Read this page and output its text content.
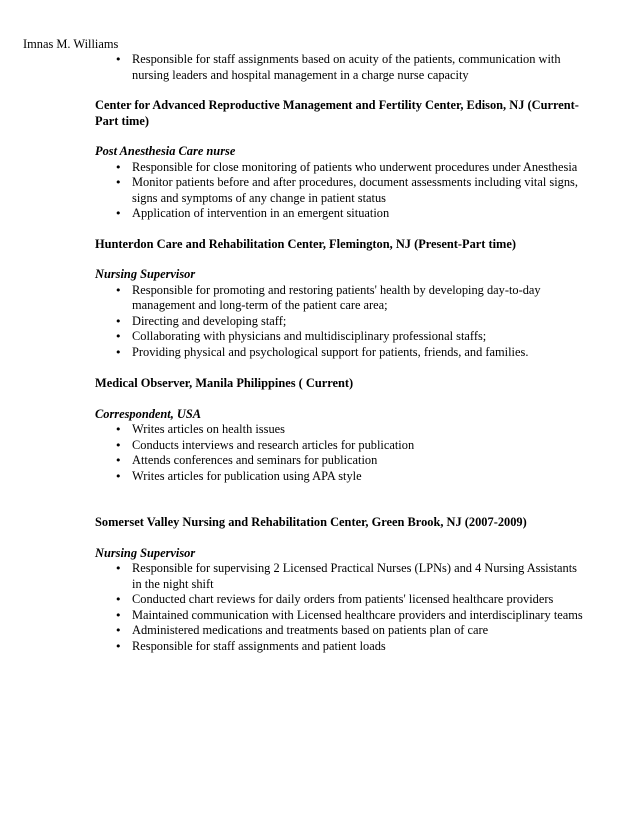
Imnas M. Williams
• Responsible for staff assignments based on acuity of the patients, communication with nursing leaders and hospital management in a charge nurse capacity
Center for Advanced Reproductive Management and Fertility Center, Edison, NJ (Current-Part time)
Post Anesthesia Care nurse
• Responsible for close monitoring of patients who underwent procedures under Anesthesia
• Monitor patients before and after procedures, document assessments including vital signs, signs and symptoms of any change in patient status
• Application of intervention in an emergent situation
Hunterdon Care and Rehabilitation Center, Flemington, NJ (Present-Part time)
Nursing Supervisor
• Responsible for promoting and restoring patients' health by developing day-to-day management and long-term of the patient care area;
• Directing and developing staff;
• Collaborating with physicians and multidisciplinary professional staffs;
• Providing physical and psychological support for patients, friends, and families.
Medical Observer, Manila Philippines ( Current)
Correspondent, USA
• Writes articles on health issues
• Conducts interviews and research articles for publication
• Attends conferences and seminars for publication
• Writes articles for publication using APA style
Somerset Valley Nursing and Rehabilitation Center, Green Brook, NJ (2007-2009)
Nursing Supervisor
• Responsible for supervising 2 Licensed Practical Nurses (LPNs) and 4 Nursing Assistants in the night shift
• Conducted chart reviews for daily orders from patients' licensed healthcare providers
• Maintained communication with Licensed healthcare providers and interdisciplinary teams
• Administered medications and treatments based on patients plan of care
• Responsible for staff assignments and patient loads
